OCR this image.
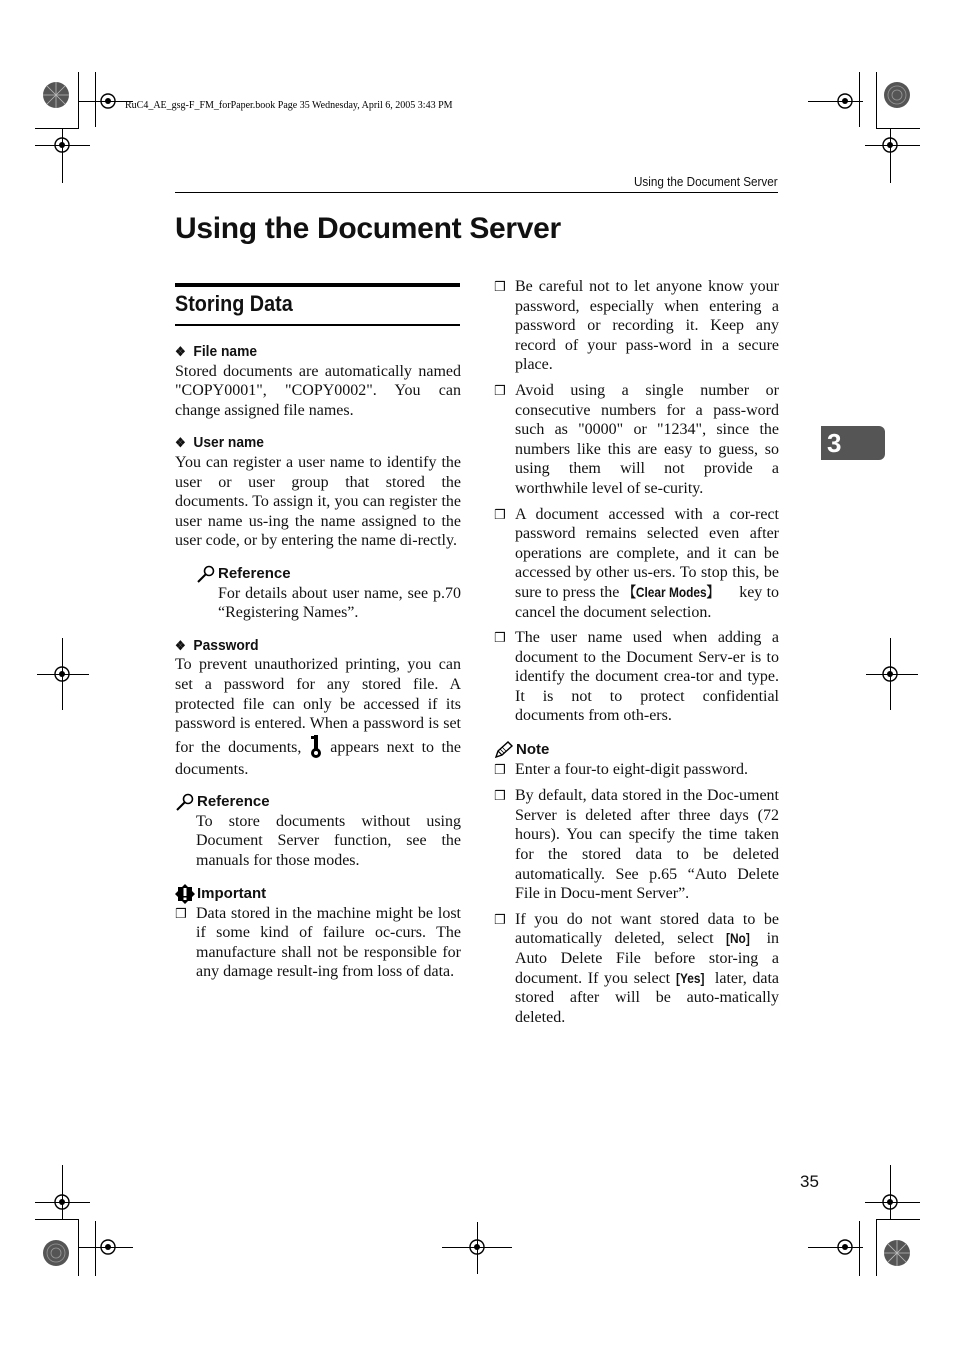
RuC4_AE_gsg-F_FM_forPaper.book Page 35 Wednesday, April 6, 2005 3:43 PM
Using the Document Server
Using the Document Server
Storing Data
3
❖ File name

Stored documents are automatically named "COPY0001", "COPY0002". You can change assigned file names.

❖ User name

You can register a user name to identify the user or user group that stored the documents. To assign it, you can register the user name us-ing the name assigned to the user code, or by entering the name di-rectly.

Reference

For details about user name, see p.70 “Registering Names”.

❖ Password

To prevent unauthorized printing, you can set a password for any stored file. A protected file can only be accessed if its password is entered. When a password is set for the documents, appears next to the documents.

Reference

To store documents without using Document Server function, see the manuals for those modes.

Important
❒ Data stored in the machine might be lost if some kind of failure oc-curs. The manufacture shall not be responsible for any damage result-ing from loss of data.
❒ Be careful not to let anyone know your password, especially when entering a password or recording it. Keep any record of your pass-word in a secure place.
❒ Avoid using a single number or consecutive numbers for a pass-word such as "0000" or "1234", since the numbers like this are easy to guess, so using them will not provide a worthwhile level of se-curity.
❒ A document accessed with a cor-rect password remains selected even after operations are complete, and it can be accessed by other us-ers. To stop this, be sure to press the 【Clear Modes】 key to cancel the document selection.
❒ The user name used when adding a document to the Document Serv-er is to identify the document crea-tor and type. It is not to protect confidential documents from oth-ers.
Note
❒ Enter a four-to eight-digit password.
❒ By default, data stored in the Doc-ument Server is deleted after three days (72 hours). You can specify the time taken for the stored data to be deleted automatically. See p.65 “Auto Delete File in Docu-ment Server”.
❒ If you do not want stored data to be automatically deleted, select [No] in Auto Delete File before stor-ing a document. If you select [Yes] later, data stored after will be auto-matically deleted.
35
